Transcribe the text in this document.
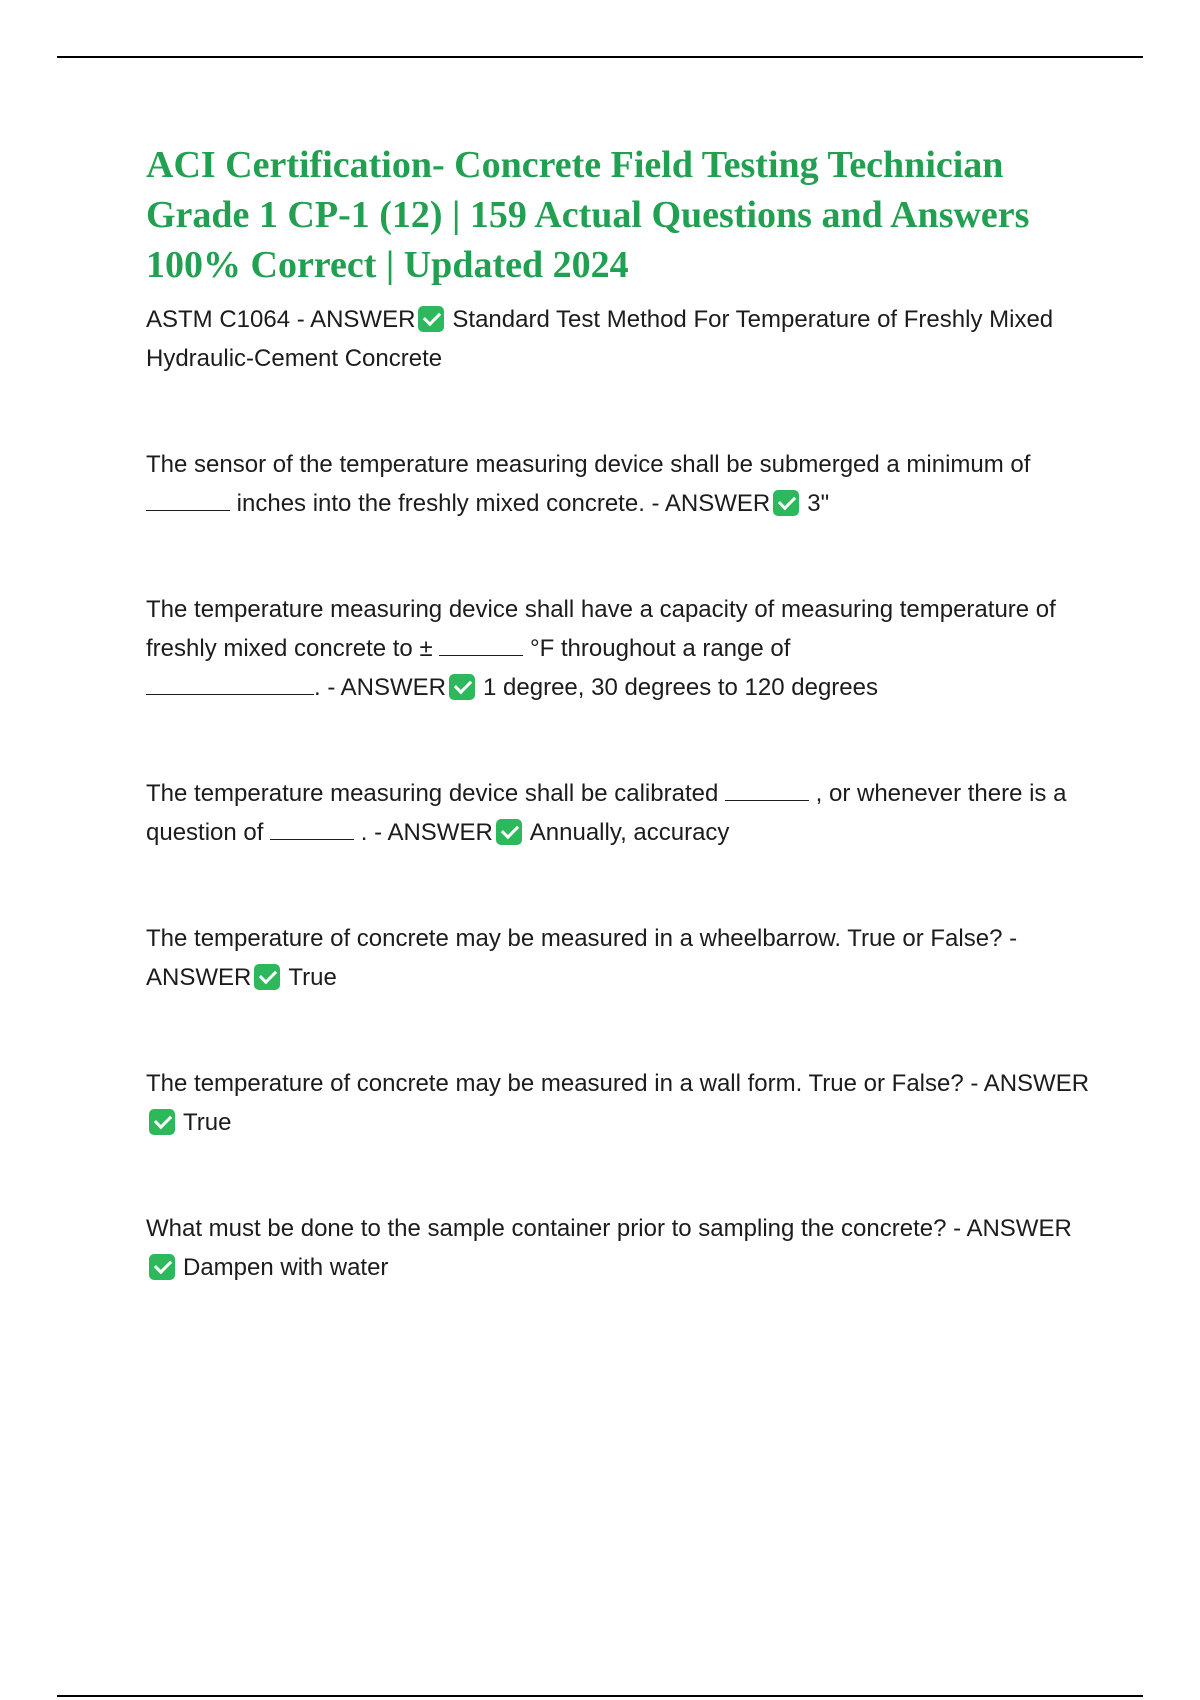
ACI Certification- Concrete Field Testing Technician Grade 1 CP-1 (12) | 159 Actual Questions and Answers 100% Correct | Updated 2024

ASTM C1064 - ANSWER Standard Test Method For Temperature of Freshly Mixed Hydraulic-Cement Concrete

The sensor of the temperature measuring device shall be submerged a minimum of  inches into the freshly mixed concrete. - ANSWER 3"

The temperature measuring device shall have a capacity of measuring temperature of freshly mixed concrete to ±	°F throughout a range of
. - ANSWER 1 degree, 30 degrees to 120 degrees

The temperature measuring device shall be calibrated	, or whenever there is a question of	. - ANSWER Annually, accuracy

The temperature of concrete may be measured in a wheelbarrow. True or False? - ANSWER True

The temperature of concrete may be measured in a wall form. True or False? - ANSWERTrue

What must be done to the sample container prior to sampling the concrete? - ANSWERDampen with water
